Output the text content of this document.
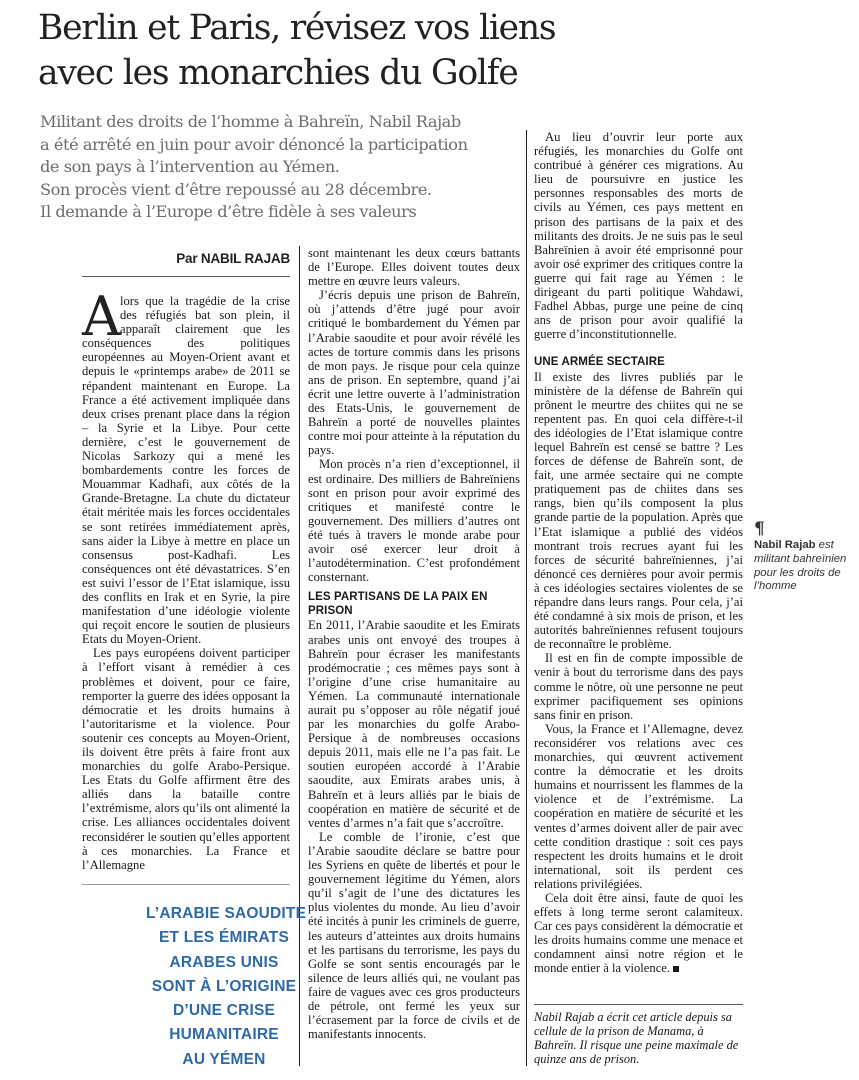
Berlin et Paris, révisez vos liens
avec les monarchies du Golfe
Militant des droits de l’homme à Bahreïn, Nabil Rajab
a été arrêté en juin pour avoir dénoncé la participation
de son pays à l’intervention au Yémen.
Son procès vient d’être repoussé au 28 décembre.
Il demande à l’Europe d’être fidèle à ses valeurs
Par NABIL RAJAB
A lors que la tragédie de la crise des réfugiés bat son plein, il apparaît clairement que les conséquences des politiques européennes au Moyen-Orient avant et depuis le «printemps arabe» de 2011 se répandent maintenant en Europe. La France a été activement impliquée dans deux crises prenant place dans la région – la Syrie et la Libye. Pour cette dernière, c’est le gouvernement de Nicolas Sarkozy qui a mené les bombardements contre les forces de Mouammar Kadhafi, aux côtés de la Grande-Bretagne. La chute du dictateur était méritée mais les forces occidentales se sont retirées immédiatement après, sans aider la Libye à mettre en place un consensus post-Kadhafi. Les conséquences ont été dévastatrices. S’en est suivi l’essor de l’Etat islamique, issu des conflits en Irak et en Syrie, la pire manifestation d’une idéologie violente qui reçoit encore le soutien de plusieurs Etats du Moyen-Orient.

Les pays européens doivent participer à l’effort visant à remédier à ces problèmes et doivent, pour ce faire, remporter la guerre des idées opposant la démocratie et les droits humains à l’autoritarisme et la violence. Pour soutenir ces concepts au Moyen-Orient, ils doivent être prêts à faire front aux monarchies du golfe Arabo-Persique. Les Etats du Golfe affirment être des alliés dans la bataille contre l’extrémisme, alors qu’ils ont alimenté la crise. Les alliances occidentales doivent reconsidérer le soutien qu’elles apportent à ces monarchies. La France et l’Allemagne

L’ARABIE SAOUDITE
ET LES ÉMIRATS
ARABES UNIS
SONT À L’ORIGINE
D’UNE CRISE
HUMANITAIRE
AU YÉMEN

sont maintenant les deux cœurs battants de l’Europe. Elles doivent toutes deux mettre en œuvre leurs valeurs.

J’écris depuis une prison de Bahreïn, où j’attends d’être jugé pour avoir critiqué le bombardement du Yémen par l’Arabie saoudite et pour avoir révélé les actes de torture commis dans les prisons de mon pays. Je risque pour cela quinze ans de prison. En septembre, quand j’ai écrit une lettre ouverte à l’administration des Etats-Unis, le gouvernement de Bahreïn a porté de nouvelles plaintes contre moi pour atteinte à la réputation du pays.

Mon procès n’a rien d’exceptionnel, il est ordinaire. Des milliers de Bahreïniens sont en prison pour avoir exprimé des critiques et manifesté contre le gouvernement. Des milliers d’autres ont été tués à travers le monde arabe pour avoir osé exercer leur droit à l’autodétermination. C’est profondément consternant.

LES PARTISANS DE LA PAIX EN PRISON

En 2011, l’Arabie saoudite et les Emirats arabes unis ont envoyé des troupes à Bahreïn pour écraser les manifestants prodémocratie ; ces mêmes pays sont à l’origine d’une crise humanitaire au Yémen. La communauté internationale aurait pu s’opposer au rôle négatif joué par les monarchies du golfe Arabo-Persique à de nombreuses occasions depuis 2011, mais elle ne l’a pas fait. Le soutien européen accordé à l’Arabie saoudite, aux Emirats arabes unis, à Bahreïn et à leurs alliés par le biais de coopération en matière de sécurité et de ventes d’armes n’a fait que s’accroître.

Le comble de l’ironie, c’est que l’Arabie saoudite déclare se battre pour les Syriens en quête de libertés et pour le gouvernement légitime du Yémen, alors qu’il s’agit de l’une des dictatures les plus violentes du monde. Au lieu d’avoir été incités à punir les criminels de guerre, les auteurs d’atteintes aux droits humains et les partisans du terrorisme, les pays du Golfe se sont sentis encouragés par le silence de leurs alliés qui, ne voulant pas faire de vagues avec ces gros producteurs de pétrole, ont fermé les yeux sur l’écrasement par la force de civils et de manifestants innocents.

Au lieu d’ouvrir leur porte aux réfugiés, les monarchies du Golfe ont contribué à générer ces migrations. Au lieu de poursuivre en justice les personnes responsables des morts de civils au Yémen, ces pays mettent en prison des partisans de la paix et des militants des droits. Je ne suis pas le seul Bahreïnien à avoir été emprisonné pour avoir osé exprimer des critiques contre la guerre qui fait rage au Yémen : le dirigeant du parti politique Wahdawi, Fadhel Abbas, purge une peine de cinq ans de prison pour avoir qualifié la guerre d’inconstitutionnelle.

UNE ARMÉE SECTAIRE

Il existe des livres publiés par le ministère de la défense de Bahreïn qui prônent le meurtre des chiites qui ne se repentent pas. En quoi cela diffère-t-il des idéologies de l’Etat islamique contre lequel Bahreïn est censé se battre ? Les forces de défense de Bahreïn sont, de fait, une armée sectaire qui ne compte pratiquement pas de chiites dans ses rangs, bien qu’ils composent la plus grande partie de la population. Après que l’Etat islamique a publié des vidéos montrant trois recrues ayant fui les forces de sécurité bahreïniennes, j’ai dénoncé ces dernières pour avoir permis à ces idéologies sectaires violentes de se répandre dans leurs rangs. Pour cela, j’ai été condamné à six mois de prison, et les autorités bahreïniennes refusent toujours de reconnaître le problème.

Il est en fin de compte impossible de venir à bout du terrorisme dans des pays comme le nôtre, où une personne ne peut exprimer pacifiquement ses opinions sans finir en prison.

Vous, la France et l’Allemagne, devez reconsidérer vos relations avec ces monarchies, qui œuvrent activement contre la démocratie et les droits humains et nourrissent les flammes de la violence et de l’extrémisme. La coopération en matière de sécurité et les ventes d’armes doivent aller de pair avec cette condition drastique : soit ces pays respectent les droits humains et le droit international, soit ils perdent ces relations privilégiées.

Cela doit être ainsi, faute de quoi les effets à long terme seront calamiteux. Car ces pays considèrent la démocratie et les droits humains comme une menace et condamnent ainsi notre région et le monde entier à la violence.

Nabil Rajab a écrit cet article depuis sa cellule de la prison de Manama, à Bahreïn. Il risque une peine maximale de quinze ans de prison.
¶
Nabil Rajab est militant bahreïnien pour les droits de l’homme
